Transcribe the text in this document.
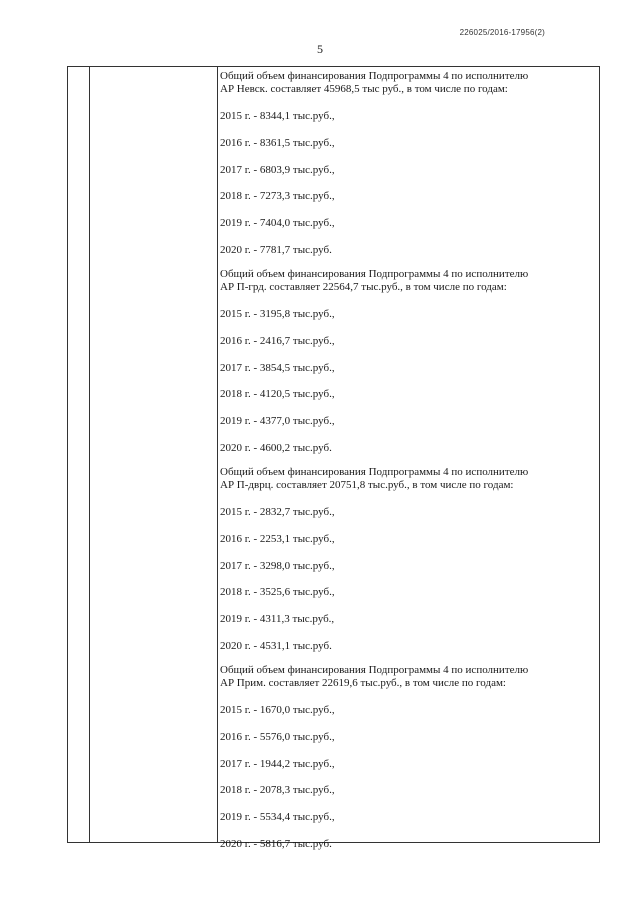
226025/2016-17956(2)
5
Общий объем финансирования Подпрограммы 4 по исполнителю
АР Невск. составляет 45968,5 тыс руб., в том числе по годам:
2015 г. - 8344,1 тыс.руб.,
2016 г. - 8361,5 тыс.руб.,
2017 г. - 6803,9 тыс.руб.,
2018 г. - 7273,3 тыс.руб.,
2019 г. - 7404,0 тыс.руб.,
2020 г. - 7781,7 тыс.руб.
Общий объем финансирования Подпрограммы 4 по исполнителю
АР П-грд. составляет 22564,7 тыс.руб., в том числе по годам:
2015 г. - 3195,8 тыс.руб.,
2016 г. - 2416,7 тыс.руб.,
2017 г. - 3854,5 тыс.руб.,
2018 г. - 4120,5 тыс.руб.,
2019 г. - 4377,0 тыс.руб.,
2020 г. - 4600,2 тыс.руб.
Общий объем финансирования Подпрограммы 4 по исполнителю
АР П-дврц. составляет 20751,8 тыс.руб., в том числе по годам:
2015 г. - 2832,7 тыс.руб.,
2016 г. - 2253,1 тыс.руб.,
2017 г. - 3298,0 тыс.руб.,
2018 г. - 3525,6 тыс.руб.,
2019 г. - 4311,3 тыс.руб.,
2020 г. - 4531,1 тыс.руб.
Общий объем финансирования Подпрограммы 4 по исполнителю
АР Прим. составляет 22619,6 тыс.руб., в том числе по годам:
2015 г. - 1670,0 тыс.руб.,
2016 г. - 5576,0 тыс.руб.,
2017 г. - 1944,2 тыс.руб.,
2018 г. - 2078,3 тыс.руб.,
2019 г. - 5534,4 тыс.руб.,
2020 г. - 5816,7 тыс.руб.
